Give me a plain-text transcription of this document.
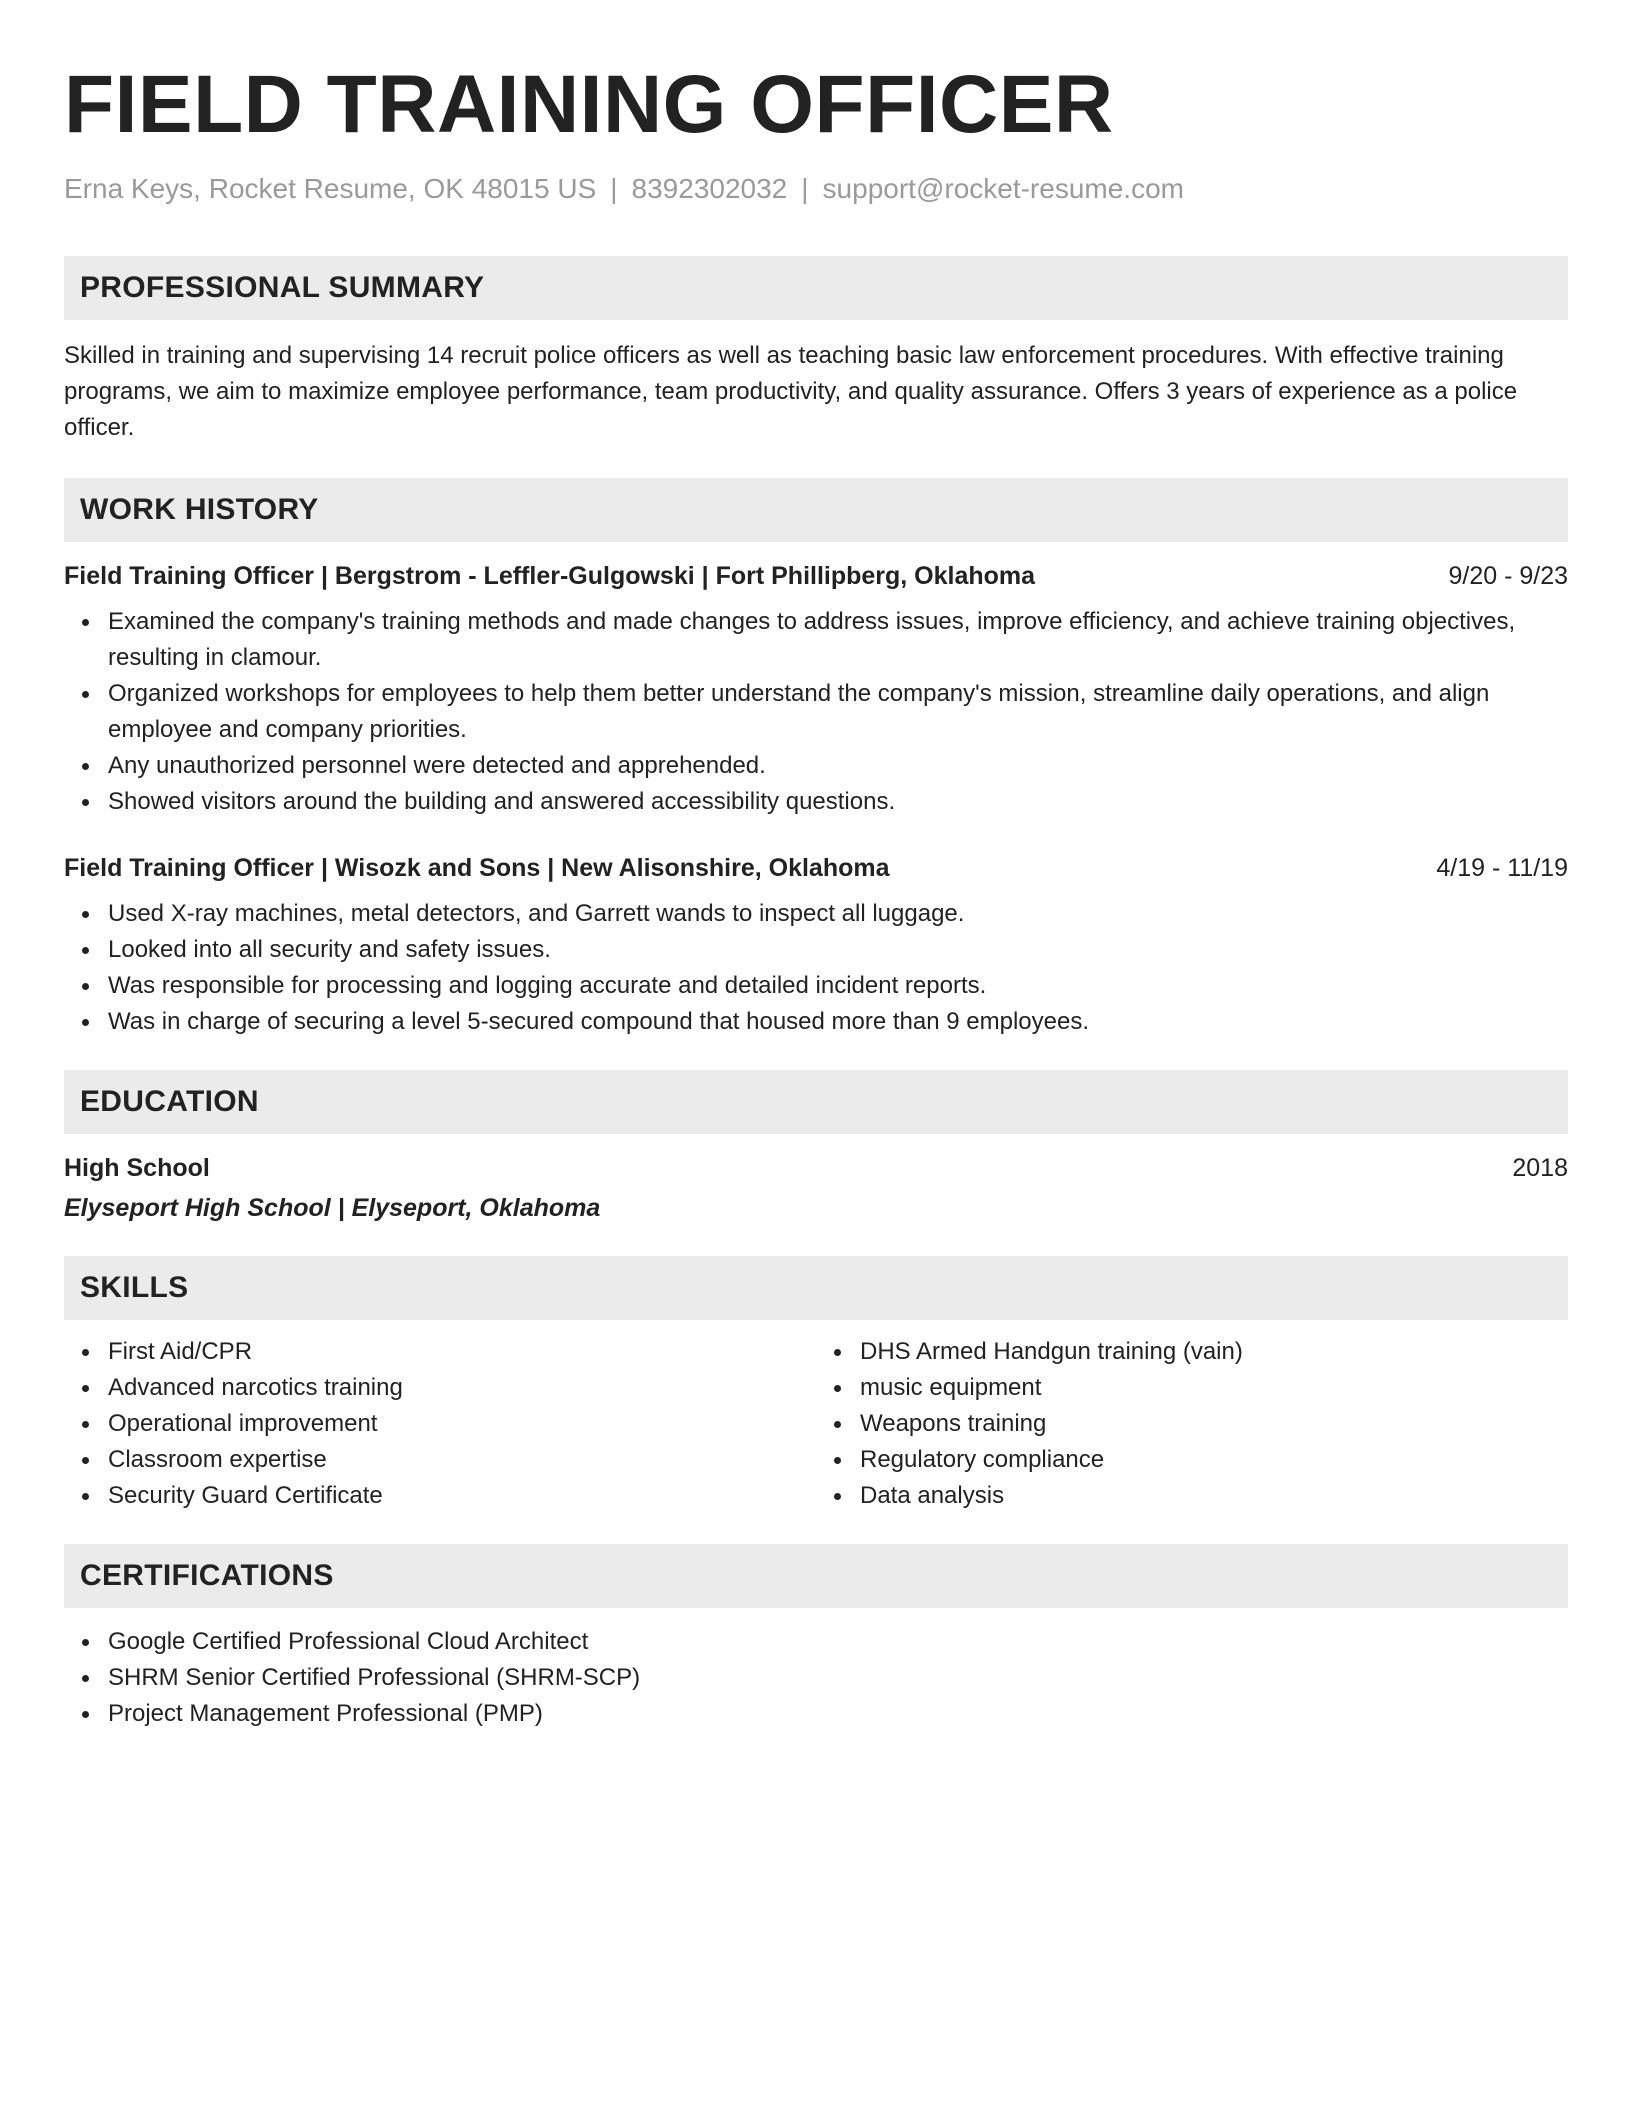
FIELD TRAINING OFFICER
Erna Keys, Rocket Resume, OK 48015 US | 8392302032 | support@rocket-resume.com
PROFESSIONAL SUMMARY

Skilled in training and supervising 14 recruit police officers as well as teaching basic law enforcement procedures. With effective training programs, we aim to maximize employee performance, team productivity, and quality assurance. Offers 3 years of experience as a police officer.

WORK HISTORY
Field Training Officer | Bergstrom - Leffler-Gulgowski | Fort Phillipberg, Oklahoma	9/20 - 9/23
Examined the company's training methods and made changes to address issues, improve efficiency, and achieve training objectives, resulting in clamour.
Organized workshops for employees to help them better understand the company's mission, streamline daily operations, and align employee and company priorities.
Any unauthorized personnel were detected and apprehended.
Showed visitors around the building and answered accessibility questions.
Field Training Officer | Wisozk and Sons | New Alisonshire, Oklahoma	4/19 - 11/19
Used X-ray machines, metal detectors, and Garrett wands to inspect all luggage.
Looked into all security and safety issues.
Was responsible for processing and logging accurate and detailed incident reports.
Was in charge of securing a level 5-secured compound that housed more than 9 employees.
EDUCATION
High School	2018
Elyseport High School | Elyseport, Oklahoma
SKILLS
First Aid/CPR
Advanced narcotics training
Operational improvement
Classroom expertise
Security Guard Certificate
DHS Armed Handgun training (vain)
music equipment
Weapons training
Regulatory compliance
Data analysis
CERTIFICATIONS
Google Certified Professional Cloud Architect
SHRM Senior Certified Professional (SHRM-SCP)
Project Management Professional (PMP)
